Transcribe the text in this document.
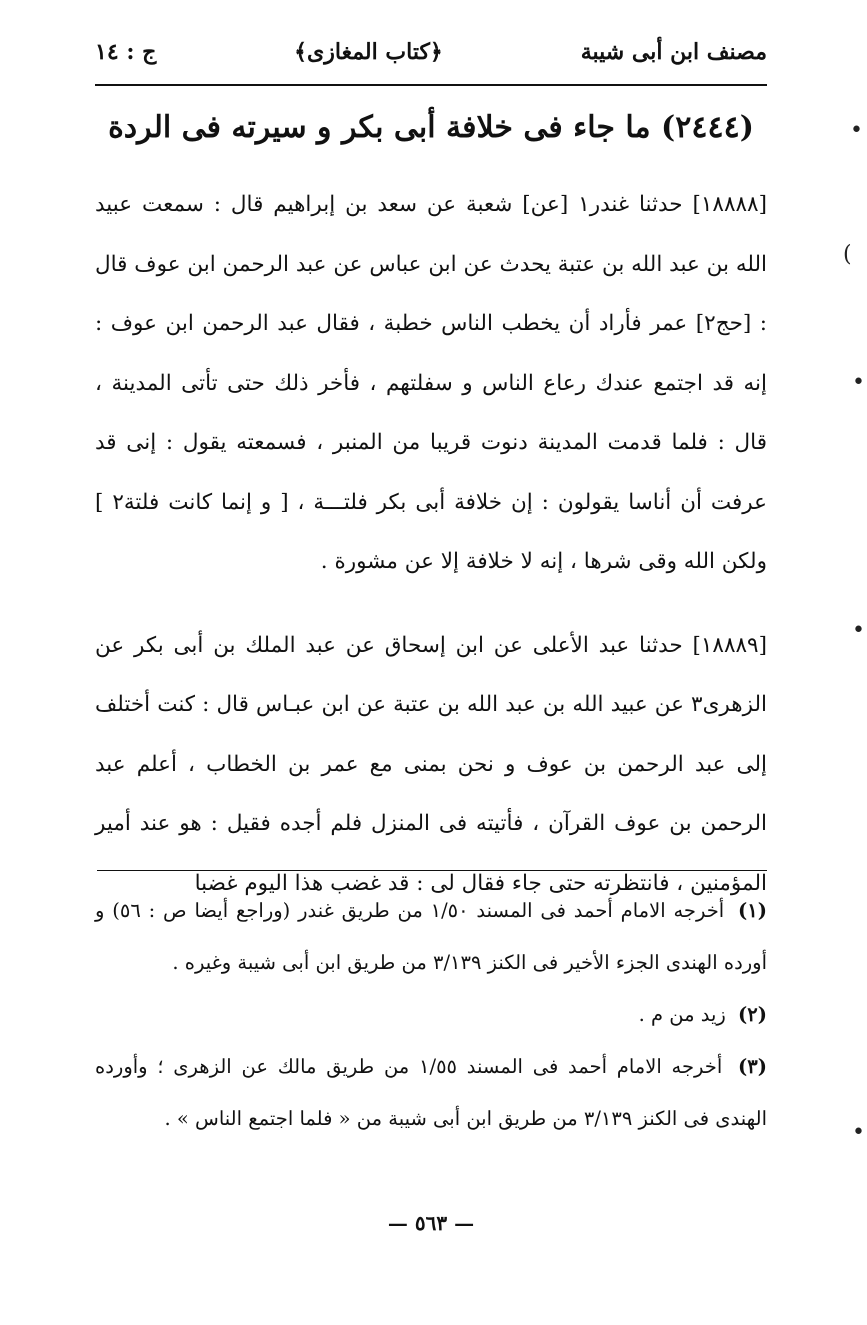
مصنف ابن أبى شيبة
﴿كتاب المغازى﴾
ج : ١٤
(٢٤٤٤) ما جاء فى خلافة أبى بكر و سيرته فى الردة

[١٨٨٨٨] حدثنا غندر١ [عن] شعبة عن سعد بن إبراهيم قال : سمعت عبيد الله بن عبد الله بن عتبة يحدث عن ابن عباس عن عبد الرحمن ابن عوف قال : [حج٢] عمر فأراد أن يخطب الناس خطبة ، فقال عبد الرحمن ابن عوف : إنه قد اجتمع عندك رعاع الناس و سفلتهم ، فأخر ذلك حتى تأتى المدينة ، قال : فلما قدمت المدينة دنوت قريبا من المنبر ، فسمعته يقول : إنى قد عرفت أن أناسا يقولون : إن خلافة أبى بكر فلتـــة ، [ و إنما كانت فلتة٢ ] ولكن الله وقى شرها ، إنه لا خلافة إلا عن مشورة .

[١٨٨٨٩] حدثنا عبد الأعلى عن ابن إسحاق عن عبد الملك بن أبى بكر عن الزهرى٣ عن عبيد الله بن عبد الله بن عتبة عن ابن عبـاس قال : كنت أختلف إلى عبد الرحمن بن عوف و نحن بمنى مع عمر بن الخطاب ، أعلم عبد الرحمن بن عوف القرآن ، فأتيته فى المنزل فلم أجده فقيل : هو عند أمير المؤمنين ، فانتظرته حتى جاء فقال لى : قد غضب هذا اليوم غضبا

(١) أخرجه الامام أحمد فى المسند ١/٥٠ من طريق غندر (وراجع أيضا ص : ٥٦) و أورده الهندى الجزء الأخير فى الكنز ٣/١٣٩ من طريق ابن أبى شيبة وغيره .

(٢) زيد من م .

(٣) أخرجه الامام أحمد فى المسند ١/٥٥ من طريق مالك عن الزهرى ؛ وأورده الهندى فى الكنز ٣/١٣٩ من طريق ابن أبى شيبة من « فلما اجتمع الناس » .

— ٥٦٣ —
•
(
•
•
•
